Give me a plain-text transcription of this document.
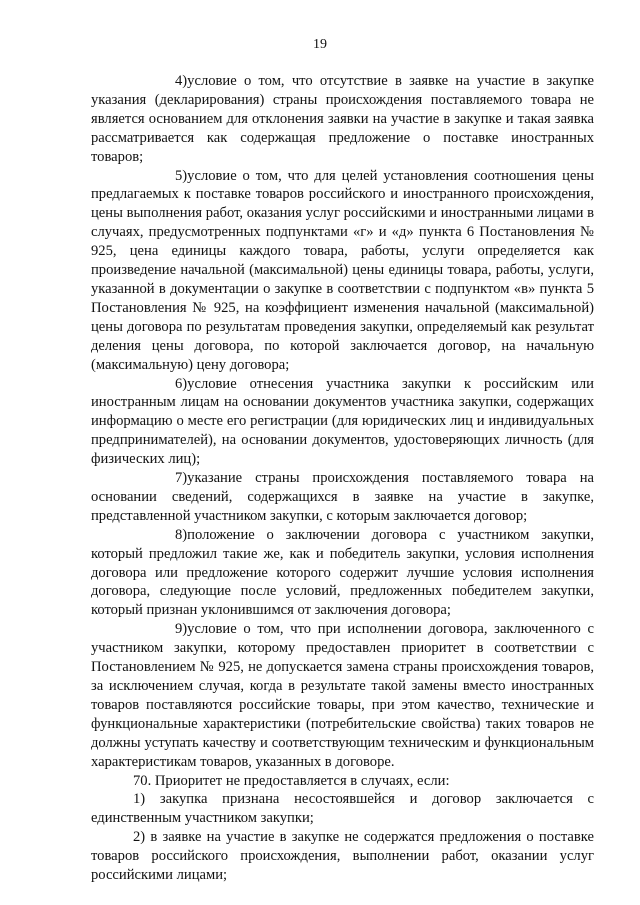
19

4)условие о том, что отсутствие в заявке на участие в закупке указания (декларирования) страны происхождения поставляемого товара не является основанием для отклонения заявки на участие в закупке и такая заявка рассматривается как содержащая предложение о поставке иностранных товаров;

5)условие о том, что для целей установления соотношения цены предлагаемых к поставке товаров российского и иностранного происхождения, цены выполнения работ, оказания услуг российскими и иностранными лицами в случаях, предусмотренных подпунктами «г» и «д» пункта 6 Постановления № 925, цена единицы каждого товара, работы, услуги определяется как произведение начальной (максимальной) цены единицы товара, работы, услуги, указанной в документации о закупке в соответствии с подпунктом «в» пункта 5 Постановления № 925, на коэффициент изменения начальной (максимальной) цены договора по результатам проведения закупки, определяемый как результат деления цены договора, по которой заключается договор, на начальную (максимальную) цену договора;

6)условие отнесения участника закупки к российским или иностранным лицам на основании документов участника закупки, содержащих информацию о месте его регистрации (для юридических лиц и индивидуальных предпринимателей), на основании документов, удостоверяющих личность (для физических лиц);

7)указание страны происхождения поставляемого товара на основании сведений, содержащихся в заявке на участие в закупке, представленной участником закупки, с которым заключается договор;

8)положение о заключении договора с участником закупки, который предложил такие же, как и победитель закупки, условия исполнения договора или предложение которого содержит лучшие условия исполнения договора, следующие после условий, предложенных победителем закупки, который признан уклонившимся от заключения договора;

9)условие о том, что при исполнении договора, заключенного с участником закупки, которому предоставлен приоритет в соответствии с Постановлением № 925, не допускается замена страны происхождения товаров, за исключением случая, когда в результате такой замены вместо иностранных товаров поставляются российские товары, при этом качество, технические и функциональные характеристики (потребительские свойства) таких товаров не должны уступать качеству и соответствующим техническим и функциональным характеристикам товаров, указанных в договоре.

70. Приоритет не предоставляется в случаях, если:

1) закупка признана несостоявшейся и договор заключается с единственным участником закупки;

2) в заявке на участие в закупке не содержатся предложения о поставке товаров российского происхождения, выполнении работ, оказании услуг российскими лицами;
